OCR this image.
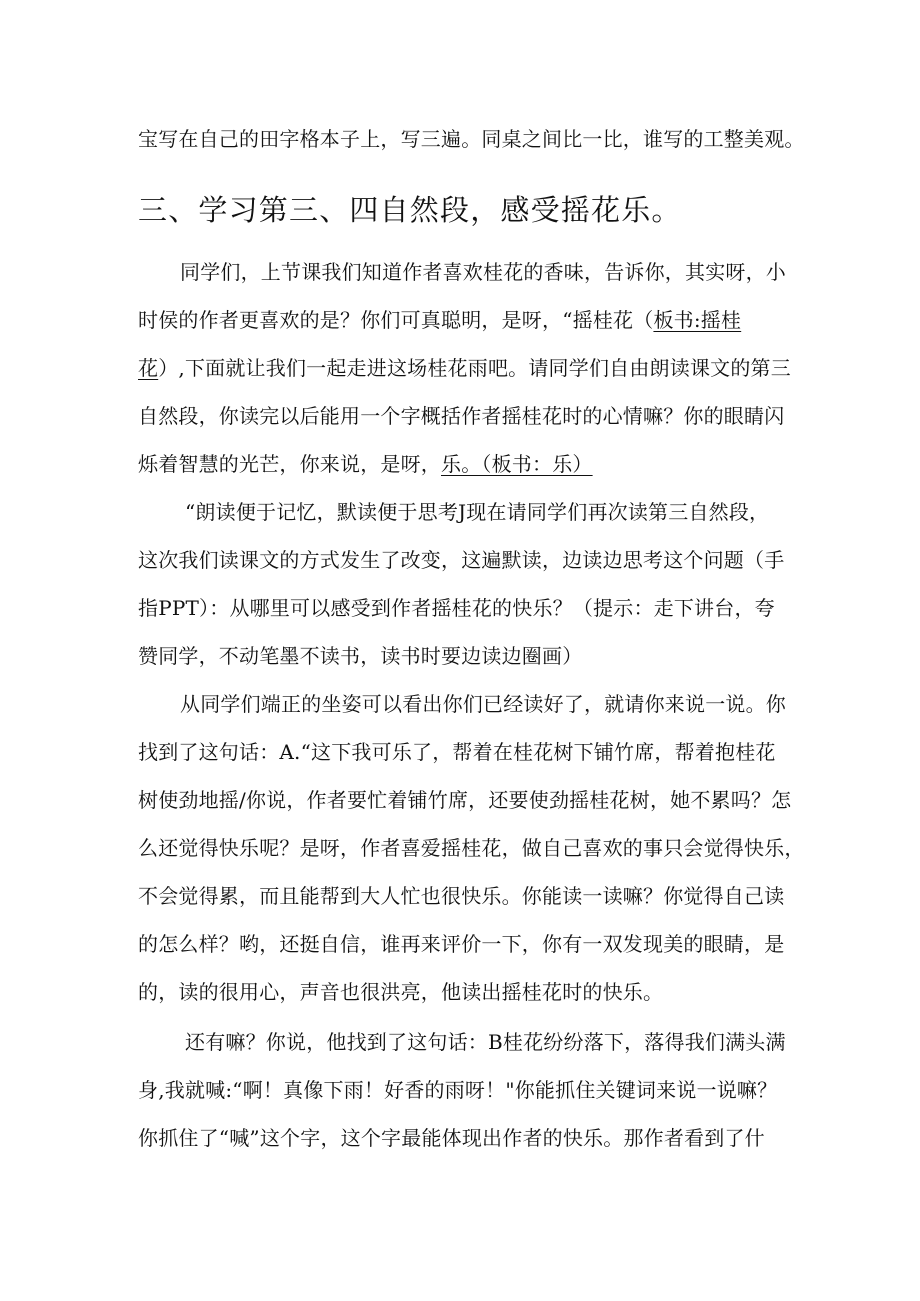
宝写在自己的田字格本子上，写三遍。同桌之间比一比，谁写的工整美观。
三、学习第三、四自然段，感受摇花乐。
同学们，上节课我们知道作者喜欢桂花的香味，告诉你，其实呀，小
时侯的作者更喜欢的是？你们可真聪明，是呀，“摇桂花（板书:摇桂
花）,下面就让我们一起走进这场桂花雨吧。请同学们自由朗读课文的第三
自然段，你读完以后能用一个字概括作者摇桂花时的心情嘛？你的眼睛闪
烁着智慧的光芒，你来说，是呀，乐。（板书：乐）
“朗读便于记忆，默读便于思考J现在请同学们再次读第三自然段，
这次我们读课文的方式发生了改变，这遍默读，边读边思考这个问题（手
指PPT）：从哪里可以感受到作者摇桂花的快乐？（提示：走下讲台，夸
赞同学，不动笔墨不读书，读书时要边读边圈画）
从同学们端正的坐姿可以看出你们已经读好了，就请你来说一说。你
找到了这句话：A.“这下我可乐了，帮着在桂花树下铺竹席，帮着抱桂花
树使劲地摇/你说，作者要忙着铺竹席，还要使劲摇桂花树，她不累吗？怎
么还觉得快乐呢？是呀，作者喜爱摇桂花，做自己喜欢的事只会觉得快乐，
不会觉得累，而且能帮到大人忙也很快乐。你能读一读嘛？你觉得自己读
的怎么样？哟，还挺自信，谁再来评价一下，你有一双发现美的眼睛，是
的，读的很用心，声音也很洪亮，他读出摇桂花时的快乐。
还有嘛？你说，他找到了这句话：B桂花纷纷落下，落得我们满头满
身,我就喊:“啊！真像下雨！好香的雨呀！"你能抓住关键词来说一说嘛？
你抓住了“喊”这个字，这个字最能体现出作者的快乐。那作者看到了什
